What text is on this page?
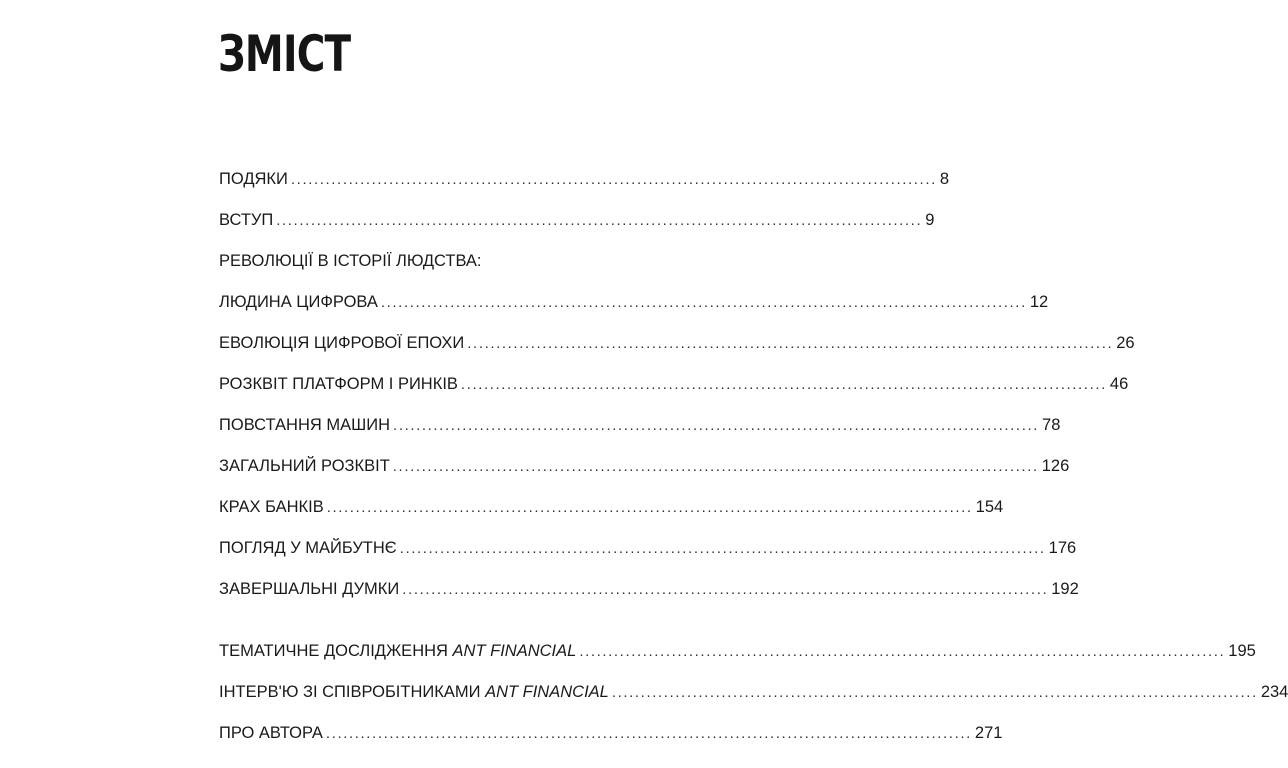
ЗМІСТ
ПОДЯКИ ................................................................................................................ 8
ВСТУП ................................................................................................................ 9
РЕВОЛЮЦІЇ В ІСТОРІЇ ЛЮДСТВА:
ЛЮДИНА ЦИФРОВА ................................................................................................................ 12
ЕВОЛЮЦІЯ ЦИФРОВОЇ ЕПОХИ ................................................................................................................ 26
РОЗКВІТ ПЛАТФОРМ І РИНКІВ ................................................................................................................ 46
ПОВСТАННЯ МАШИН ................................................................................................................ 78
ЗАГАЛЬНИЙ РОЗКВІТ ................................................................................................................ 126
КРАХ БАНКІВ ................................................................................................................ 154
ПОГЛЯД У МАЙБУТНЄ ................................................................................................................ 176
ЗАВЕРШАЛЬНІ ДУМКИ ................................................................................................................ 192
ТЕМАТИЧНЕ ДОСЛІДЖЕННЯ ANT FINANCIAL ................................................................................................................ 195
ІНТЕРВ'Ю ЗІ СПІВРОБІТНИКАМИ ANT FINANCIAL ................................................................................................................ 234
ПРО АВТОРА ................................................................................................................ 271
